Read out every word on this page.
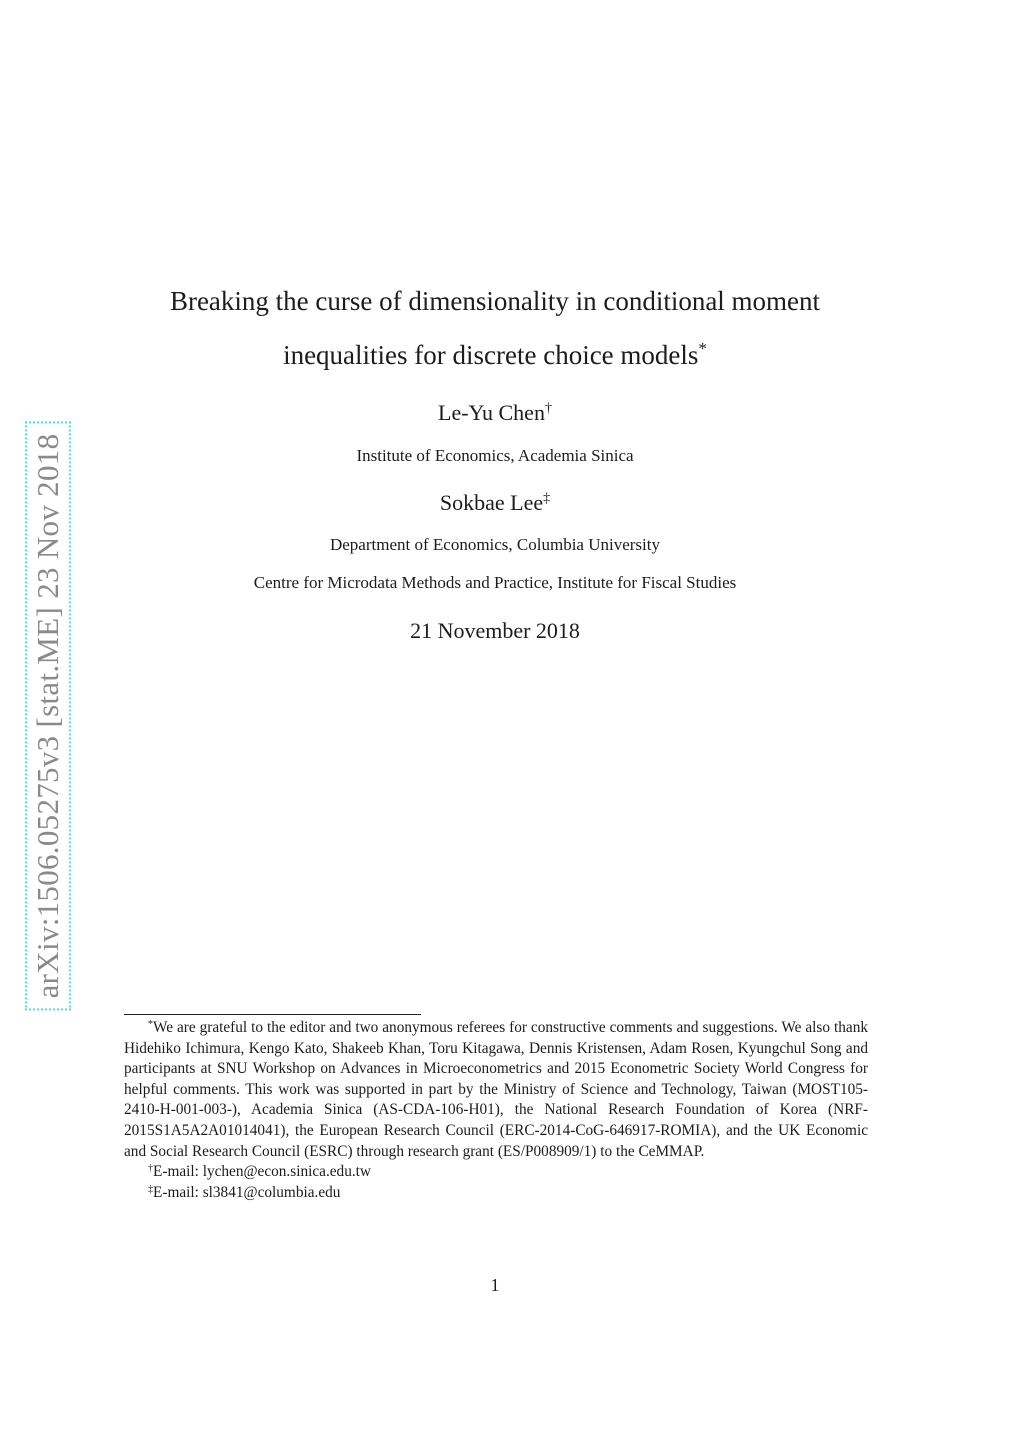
arXiv:1506.05275v3 [stat.ME] 23 Nov 2018
Breaking the curse of dimensionality in conditional moment
inequalities for discrete choice models*
Le-Yu Chen†
Institute of Economics, Academia Sinica
Sokbae Lee‡
Department of Economics, Columbia University
Centre for Microdata Methods and Practice, Institute for Fiscal Studies
21 November 2018

*We are grateful to the editor and two anonymous referees for constructive comments and suggestions. We also thank Hidehiko Ichimura, Kengo Kato, Shakeeb Khan, Toru Kitagawa, Dennis Kristensen, Adam Rosen, Kyungchul Song and participants at SNU Workshop on Advances in Microeconometrics and 2015 Econometric Society World Congress for helpful comments. This work was supported in part by the Ministry of Science and Technology, Taiwan (MOST105-2410-H-001-003-), Academia Sinica (AS-CDA-106-H01), the National Research Foundation of Korea (NRF-2015S1A5A2A01014041), the European Research Council (ERC-2014-CoG-646917-ROMIA), and the UK Economic and Social Research Council (ESRC) through research grant (ES/P008909/1) to the CeMMAP.

†E-mail: lychen@econ.sinica.edu.tw

‡E-mail: sl3841@columbia.edu

1
